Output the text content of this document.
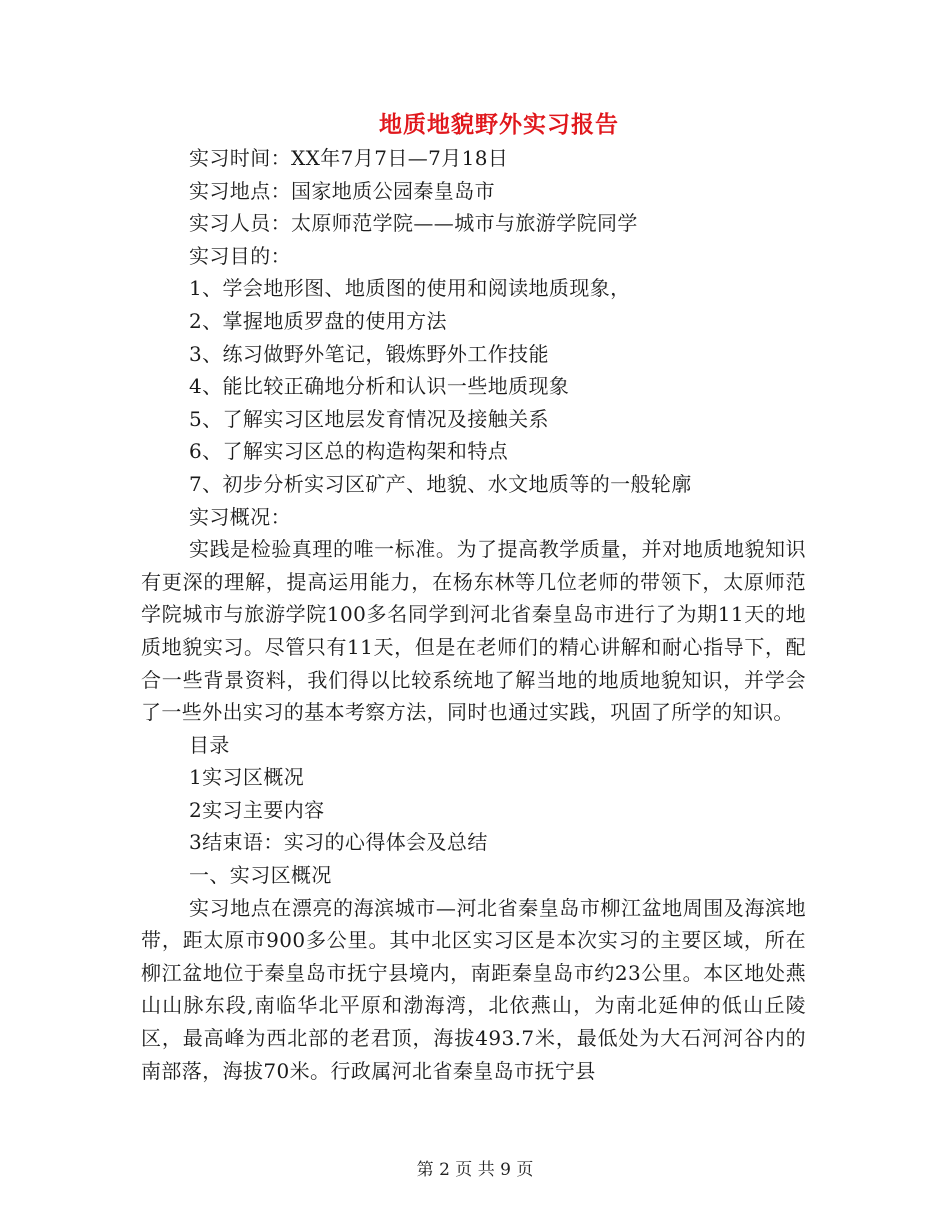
地质地貌野外实习报告
实习时间：XX年7月7日—7月18日
实习地点：国家地质公园秦皇岛市
实习人员：太原师范学院——城市与旅游学院同学
实习目的：
1、学会地形图、地质图的使用和阅读地质现象，
2、掌握地质罗盘的使用方法
3、练习做野外笔记，锻炼野外工作技能
4、能比较正确地分析和认识一些地质现象
5、了解实习区地层发育情况及接触关系
6、了解实习区总的构造构架和特点
7、初步分析实习区矿产、地貌、水文地质等的一般轮廓
实习概况：

实践是检验真理的唯一标准。为了提高教学质量，并对地质地貌知识有更深的理解，提高运用能力，在杨东林等几位老师的带领下，太原师范学院城市与旅游学院100多名同学到河北省秦皇岛市进行了为期11天的地质地貌实习。尽管只有11天，但是在老师们的精心讲解和耐心指导下，配合一些背景资料，我们得以比较系统地了解当地的地质地貌知识，并学会了一些外出实习的基本考察方法，同时也通过实践，巩固了所学的知识。

目录
1实习区概况
2实习主要内容
3结束语：实习的心得体会及总结
一、实习区概况

实习地点在漂亮的海滨城市—河北省秦皇岛市柳江盆地周围及海滨地带，距太原市900多公里。其中北区实习区是本次实习的主要区域，所在柳江盆地位于秦皇岛市抚宁县境内，南距秦皇岛市约23公里。本区地处燕山山脉东段,南临华北平原和渤海湾，北依燕山，为南北延伸的低山丘陵区，最高峰为西北部的老君顶，海拔493.7米，最低处为大石河河谷内的南部落，海拔70米。行政属河北省秦皇岛市抚宁县

第 2 页 共 9 页
